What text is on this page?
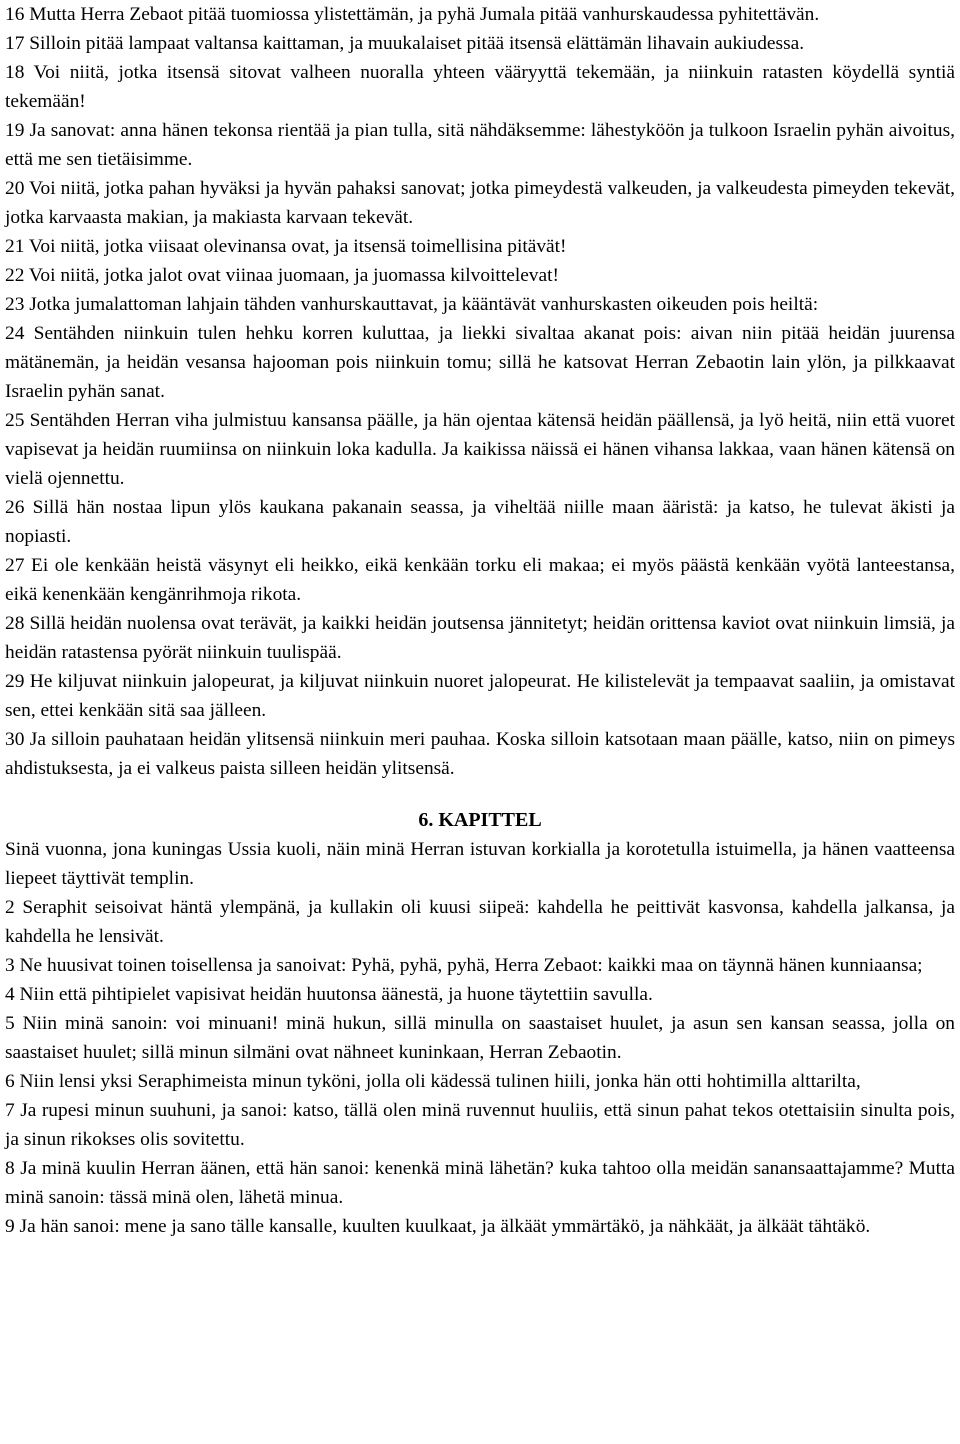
16 Mutta Herra Zebaot pitää tuomiossa ylistettämän, ja pyhä Jumala pitää vanhurskaudessa pyhitettävän.

17 Silloin pitää lampaat valtansa kaittaman, ja muukalaiset pitää itsensä elättämän lihavain aukiudessa.

18 Voi niitä, jotka itsensä sitovat valheen nuoralla yhteen vääryyttä tekemään, ja niinkuin ratasten köydellä syntiä tekemään!

19 Ja sanovat: anna hänen tekonsa rientää ja pian tulla, sitä nähdäksemme: lähestyköön ja tulkoon Israelin pyhän aivoitus, että me sen tietäisimme.

20 Voi niitä, jotka pahan hyväksi ja hyvän pahaksi sanovat; jotka pimeydestä valkeuden, ja valkeudesta pimeyden tekevät, jotka karvaasta makian, ja makiasta karvaan tekevät.

21 Voi niitä, jotka viisaat olevinansa ovat, ja itsensä toimellisina pitävät!

22 Voi niitä, jotka jalot ovat viinaa juomaan, ja juomassa kilvoittelevat!

23 Jotka jumalattoman lahjain tähden vanhurskauttavat, ja kääntävät vanhurskasten oikeuden pois heiltä:

24 Sentähden niinkuin tulen hehku korren kuluttaa, ja liekki sivaltaa akanat pois: aivan niin pitää heidän juurensa mätänemän, ja heidän vesansa hajooman pois niinkuin tomu; sillä he katsovat Herran Zebaotin lain ylön, ja pilkkaavat Israelin pyhän sanat.

25 Sentähden Herran viha julmistuu kansansa päälle, ja hän ojentaa kätensä heidän päällensä, ja lyö heitä, niin että vuoret vapisevat ja heidän ruumiinsa on niinkuin loka kadulla. Ja kaikissa näissä ei hänen vihansa lakkaa, vaan hänen kätensä on vielä ojennettu.

26 Sillä hän nostaa lipun ylös kaukana pakanain seassa, ja viheltää niille maan ääristä: ja katso, he tulevat äkisti ja nopiasti.

27 Ei ole kenkään heistä väsynyt eli heikko, eikä kenkään torku eli makaa; ei myös päästä kenkään vyötä lanteestansa, eikä kenenkään kengänrihmoja rikota.

28 Sillä heidän nuolensa ovat terävät, ja kaikki heidän joutsensa jännitetyt; heidän orittensa kaviot ovat niinkuin limsiä, ja heidän ratastensa pyörät niinkuin tuulispää.

29 He kiljuvat niinkuin jalopeurat, ja kiljuvat niinkuin nuoret jalopeurat. He kilistelevät ja tempaavat saaliin, ja omistavat sen, ettei kenkään sitä saa jälleen.

30 Ja silloin pauhataan heidän ylitsensä niinkuin meri pauhaa. Koska silloin katsotaan maan päälle, katso, niin on pimeys ahdistuksesta, ja ei valkeus paista silleen heidän ylitsensä.

6. KAPITTEL

Sinä vuonna, jona kuningas Ussia kuoli, näin minä Herran istuvan korkialla ja korotetulla istuimella, ja hänen vaatteensa liepeet täyttivät templin.

2 Seraphit seisoivat häntä ylempänä, ja kullakin oli kuusi siipeä: kahdella he peittivät kasvonsa, kahdella jalkansa, ja kahdella he lensivät.

3 Ne huusivat toinen toisellensa ja sanoivat: Pyhä, pyhä, pyhä, Herra Zebaot: kaikki maa on täynnä hänen kunniaansa;

4 Niin että pihtipielet vapisivat heidän huutonsa äänestä, ja huone täytettiin savulla.

5 Niin minä sanoin: voi minuani! minä hukun, sillä minulla on saastaiset huulet, ja asun sen kansan seassa, jolla on saastaiset huulet; sillä minun silmäni ovat nähneet kuninkaan, Herran Zebaotin.

6 Niin lensi yksi Seraphimeista minun tyköni, jolla oli kädessä tulinen hiili, jonka hän otti hohtimilla alttarilta,

7 Ja rupesi minun suuhuni, ja sanoi: katso, tällä olen minä ruvennut huuliis, että sinun pahat tekos otettaisiin sinulta pois, ja sinun rikokses olis sovitettu.

8 Ja minä kuulin Herran äänen, että hän sanoi: kenenkä minä lähetän? kuka tahtoo olla meidän sanansaattajamme? Mutta minä sanoin: tässä minä olen, lähetä minua.

9 Ja hän sanoi: mene ja sano tälle kansalle, kuulten kuulkaat, ja älkäät ymmärtäkö, ja nähkäät, ja älkäät tähtäkö.
